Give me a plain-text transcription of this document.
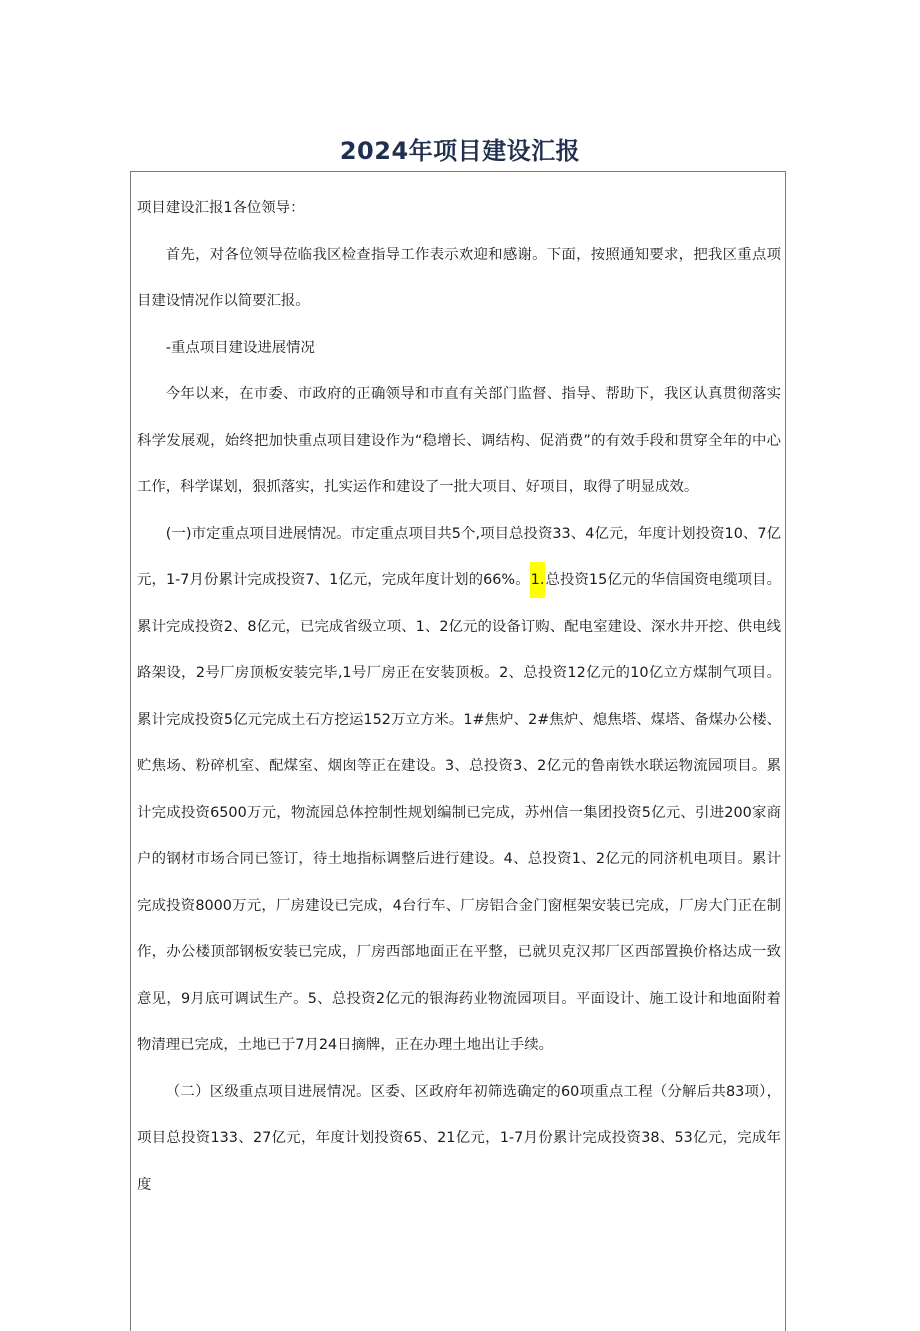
2024年项目建设汇报

项目建设汇报1各位领导：

首先，对各位领导莅临我区检查指导工作表示欢迎和感谢。下面，按照通知要求，把我区重点项目建设情况作以简要汇报。

-重点项目建设进展情况

今年以来，在市委、市政府的正确领导和市直有关部门监督、指导、帮助下，我区认真贯彻落实科学发展观，始终把加快重点项目建设作为“稳增长、调结构、促消费”的有效手段和贯穿全年的中心工作，科学谋划，狠抓落实，扎实运作和建设了一批大项目、好项目，取得了明显成效。

(一)市定重点项目进展情况。市定重点项目共5个,项目总投资33、4亿元，年度计划投资10、7亿元，1-7月份累计完成投资7、1亿元，完成年度计划的66%。1.总投资15亿元的华信国资电缆项目。累计完成投资2、8亿元，已完成省级立项、1、2亿元的设备订购、配电室建设、深水井开挖、供电线路架设，2号厂房顶板安装完毕,1号厂房正在安装顶板。2、总投资12亿元的10亿立方煤制气项目。累计完成投资5亿元完成土石方挖运152万立方米。1#焦炉、2#焦炉、熄焦塔、煤塔、备煤办公楼、贮焦场、粉碎机室、配煤室、烟囱等正在建设。3、总投资3、2亿元的鲁南铁水联运物流园项目。累计完成投资6500万元，物流园总体控制性规划编制已完成，苏州信一集团投资5亿元、引进200家商户的钢材市场合同已签订，待土地指标调整后进行建设。4、总投资1、2亿元的同济机电项目。累计完成投资8000万元，厂房建设已完成，4台行车、厂房铝合金门窗框架安装已完成，厂房大门正在制作，办公楼顶部钢板安装已完成，厂房西部地面正在平整，已就贝克汉邦厂区西部置换价格达成一致意见，9月底可调试生产。5、总投资2亿元的银海药业物流园项目。平面设计、施工设计和地面附着物清理已完成，土地已于7月24日摘牌，正在办理土地出让手续。

（二）区级重点项目进展情况。区委、区政府年初筛选确定的60项重点工程（分解后共83项），项目总投资133、27亿元，年度计划投资65、21亿元，1-7月份累计完成投资38、53亿元，完成年度
